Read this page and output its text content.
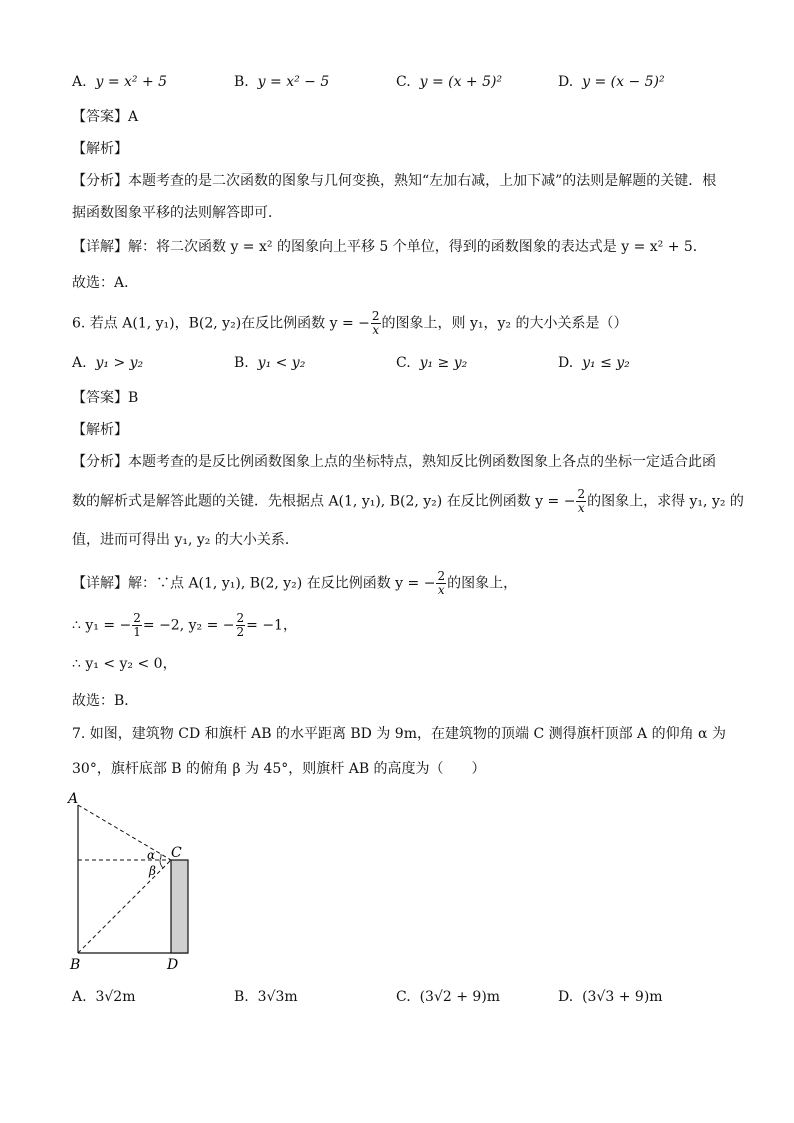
A. y = x² + 5	B. y = x² − 5	C. y = (x + 5)²	D. y = (x − 5)²
【答案】A
【解析】
【分析】本题考查的是二次函数的图象与几何变换，熟知“左加右减，上加下减”的法则是解题的关键．根
据函数图象平移的法则解答即可．
【详解】解：将二次函数 y = x² 的图象向上平移 5 个单位，得到的函数图象的表达式是 y = x² + 5．
故选：A．
6. 若点 A(1, y₁)，B(2, y₂)在反比例函数 y = − $\frac{2}{x}$ 的图象上，则 y₁，y₂ 的大小关系是（）
A. y₁ > y₂	B. y₁ < y₂	C. y₁ ≥ y₂	D. y₁ ≤ y₂
【答案】B
【解析】
【分析】本题考查的是反比例函数图象上点的坐标特点，熟知反比例函数图象上各点的坐标一定适合此函
数的解析式是解答此题的关键．先根据点 A(1, y₁), B(2, y₂) 在反比例函数 y = − $\frac{2}{x}$ 的图象上，求得 y₁, y₂ 的
值，进而可得出 y₁, y₂ 的大小关系．
【详解】解：∵点 A(1, y₁), B(2, y₂) 在反比例函数 y = − $\frac{2}{x}$ 的图象上，
∴ y₁ = − $\frac{2}{1} = -2$, y₂ = − $\frac{2}{2} = -1$，
∴ y₁ < y₂ < 0，
故选：B．
7. 如图，建筑物 CD 和旗杆 AB 的水平距离 BD 为 9m，在建筑物的顶端 C 测得旗杆顶部 A 的仰角 α 为
30°，旗杆底部 B 的俯角 β 为 45°，则旗杆 AB 的高度为（　　）
A
B
C
D
α
β
A. 3√2m	B. 3√3m	C. (3√2 + 9)m	D. (3√3 + 9)m
